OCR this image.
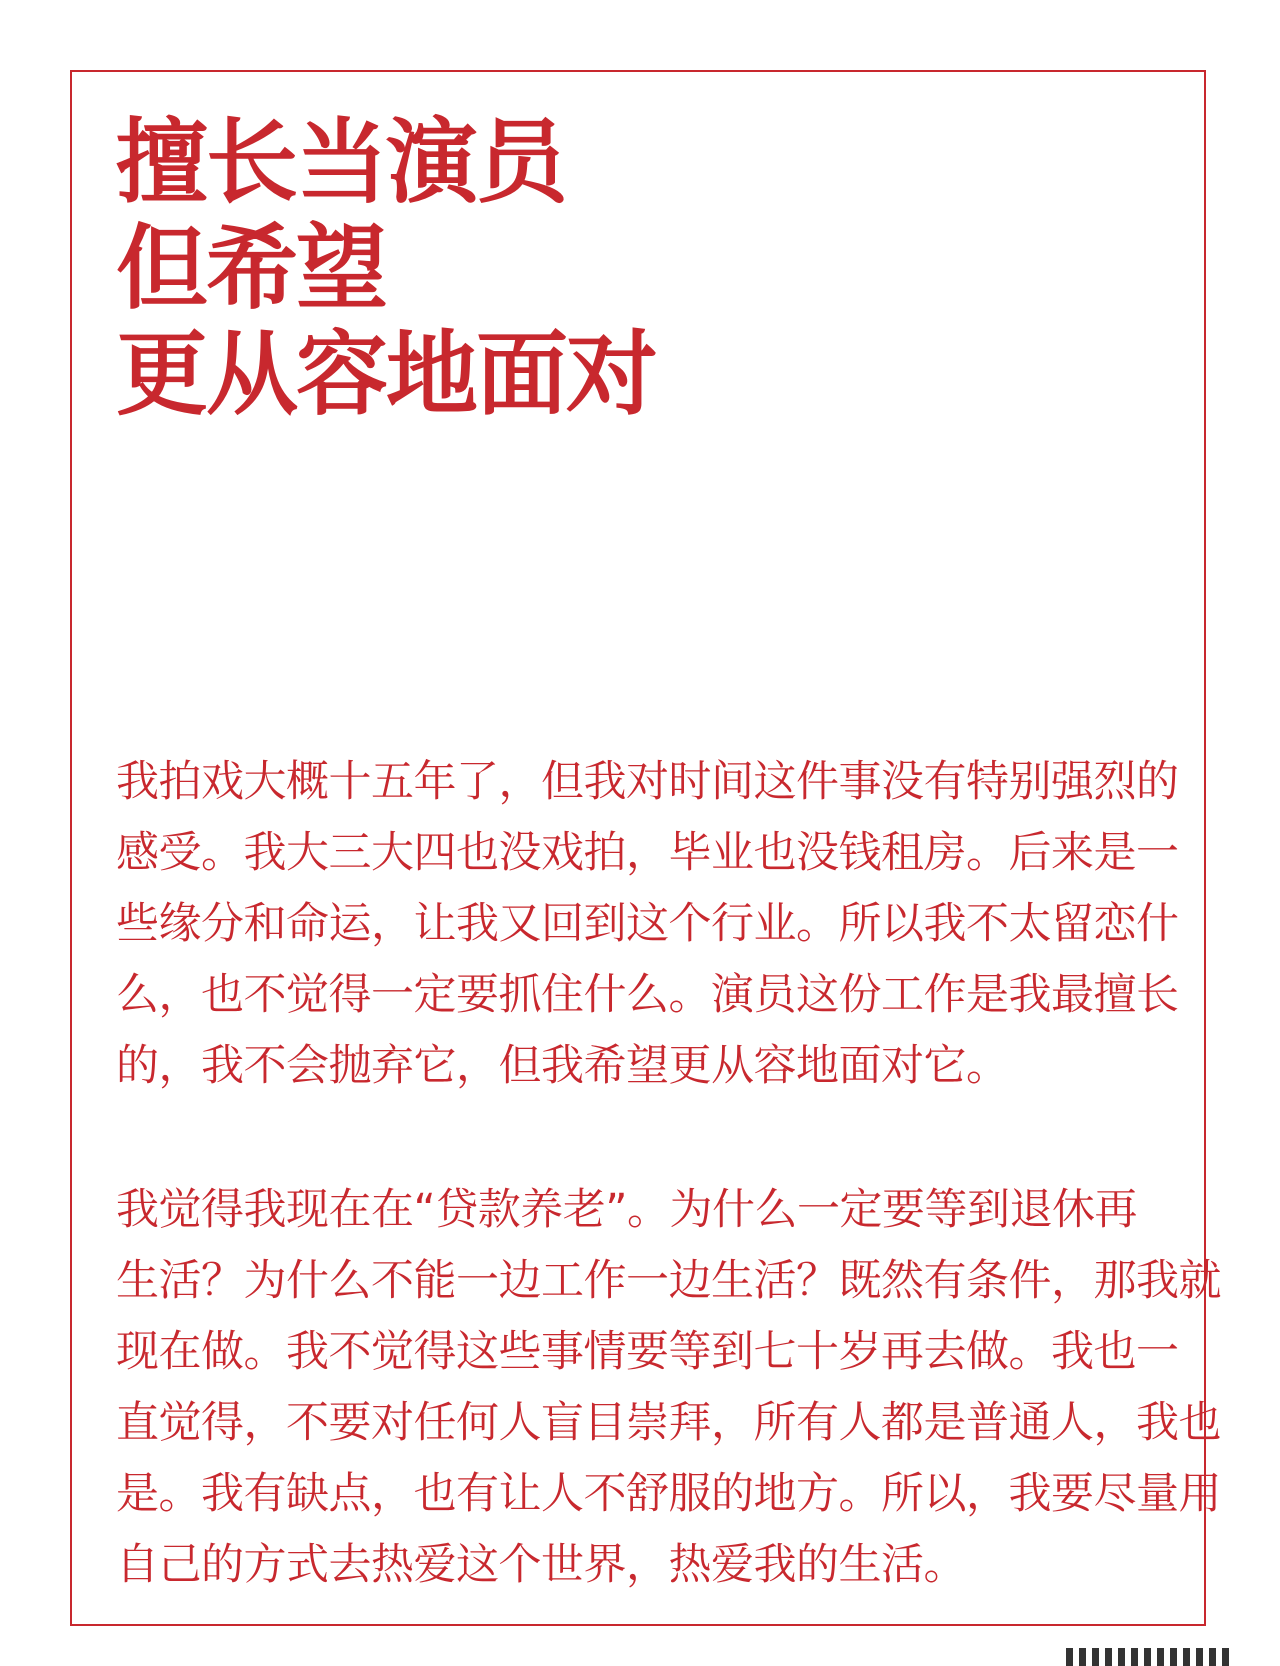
擅长当演员
但希望
更从容地面对

我拍戏大概十五年了，但我对时间这件事没有特别强烈的
感受。我大三大四也没戏拍，毕业也没钱租房。后来是一
些缘分和命运，让我又回到这个行业。所以我不太留恋什
么，也不觉得一定要抓住什么。演员这份工作是我最擅长
的，我不会抛弃它，但我希望更从容地面对它。

我觉得我现在在“贷款养老”。为什么一定要等到退休再
生活？为什么不能一边工作一边生活？既然有条件，那我就
现在做。我不觉得这些事情要等到七十岁再去做。我也一
直觉得，不要对任何人盲目崇拜，所有人都是普通人，我也
是。我有缺点，也有让人不舒服的地方。所以，我要尽量用
自己的方式去热爱这个世界，热爱我的生活。
